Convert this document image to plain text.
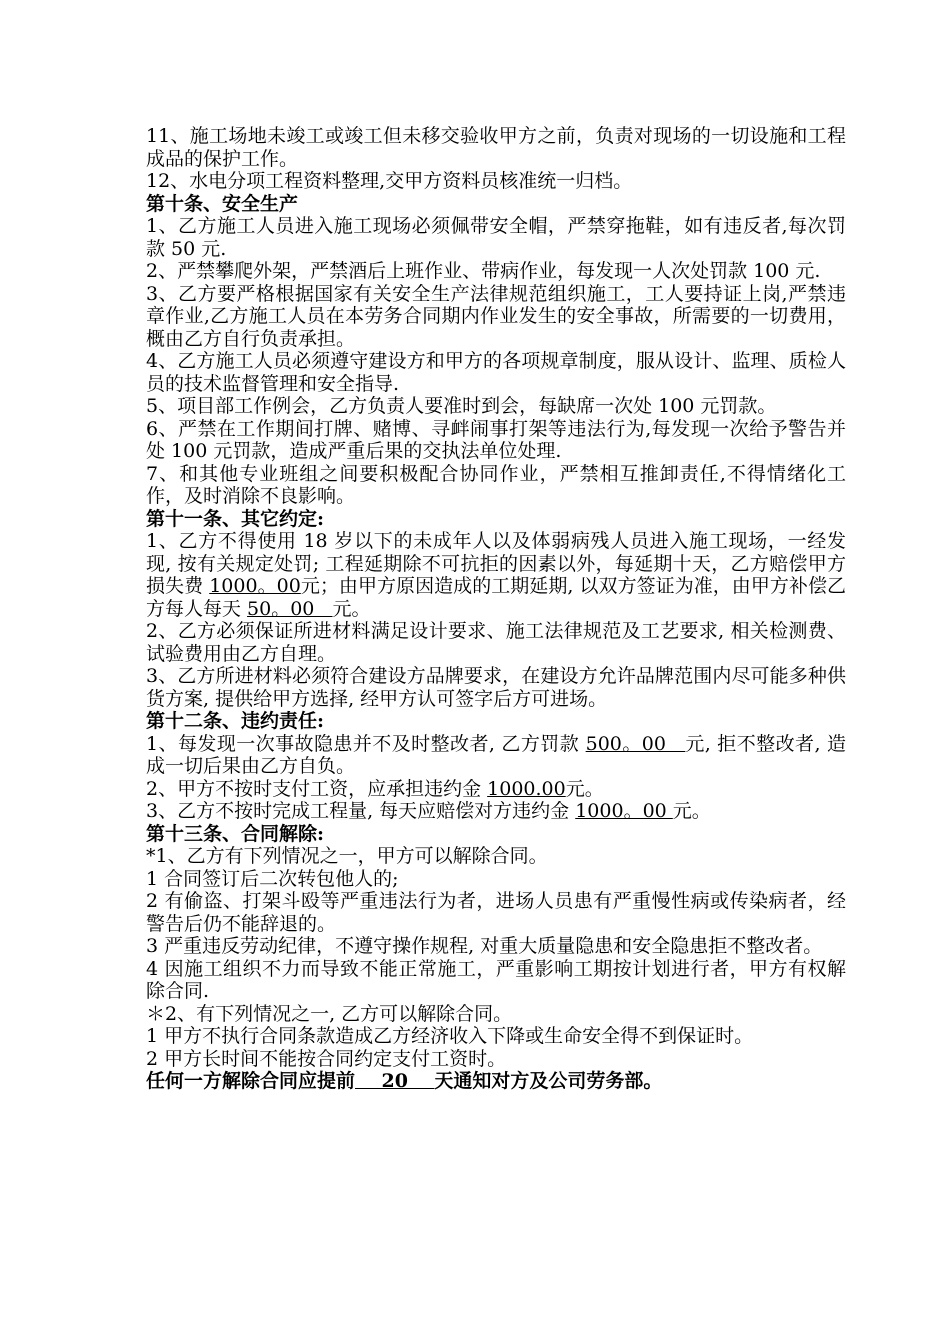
11、施工场地未竣工或竣工但未移交验收甲方之前，负责对现场的一切设施和工程成品的保护工作。

12、水电分项工程资料整理,交甲方资料员核准统一归档。

第十条、安全生产

1、乙方施工人员进入施工现场必须佩带安全帽，严禁穿拖鞋，如有违反者,每次罚款 50 元.

2、严禁攀爬外架，严禁酒后上班作业、带病作业，每发现一人次处罚款 100 元.

3、乙方要严格根据国家有关安全生产法律规范组织施工，工人要持证上岗,严禁违章作业,乙方施工人员在本劳务合同期内作业发生的安全事故，所需要的一切费用，概由乙方自行负责承担。

4、乙方施工人员必须遵守建设方和甲方的各项规章制度，服从设计、监理、质检人员的技术监督管理和安全指导.

5、项目部工作例会，乙方负责人要准时到会，每缺席一次处 100 元罚款。

6、严禁在工作期间打牌、赌博、寻衅闹事打架等违法行为,每发现一次给予警告并处 100 元罚款，造成严重后果的交执法单位处理.

7、和其他专业班组之间要积极配合协同作业，严禁相互推卸责任,不得情绪化工作，及时消除不良影响。

第十一条、其它约定:

1、乙方不得使用 18 岁以下的未成年人以及体弱病残人员进入施工现场，一经发现, 按有关规定处罚; 工程延期除不可抗拒的因素以外，每延期十天，乙方赔偿甲方损失费 1000。00元；由甲方原因造成的工期延期, 以双方签证为准，由甲方补偿乙方每人每天 50。00   元。

2、乙方必须保证所进材料满足设计要求、施工法律规范及工艺要求, 相关检测费、试验费用由乙方自理。

3、乙方所进材料必须符合建设方品牌要求，在建设方允许品牌范围内尽可能多种供货方案, 提供给甲方选择, 经甲方认可签字后方可进场。

第十二条、违约责任:

1、每发现一次事故隐患并不及时整改者, 乙方罚款 500。00   元, 拒不整改者, 造成一切后果由乙方自负。

2、甲方不按时支付工资，应承担违约金 1000.00元。

3、乙方不按时完成工程量, 每天应赔偿对方违约金 1000。00 元。

第十三条、合同解除:

*1、乙方有下列情况之一，甲方可以解除合同。

1 合同签订后二次转包他人的;

2 有偷盗、打架斗殴等严重违法行为者，进场人员患有严重慢性病或传染病者，经警告后仍不能辞退的。

3 严重违反劳动纪律，不遵守操作规程, 对重大质量隐患和安全隐患拒不整改者。

4 因施工组织不力而导致不能正常施工，严重影响工期按计划进行者，甲方有权解除合同.

＊2、有下列情况之一, 乙方可以解除合同。

1 甲方不执行合同条款造成乙方经济收入下降或生命安全得不到保证时。

2 甲方长时间不能按合同约定支付工资时。

任何一方解除合同应提前    20    天通知对方及公司劳务部。
